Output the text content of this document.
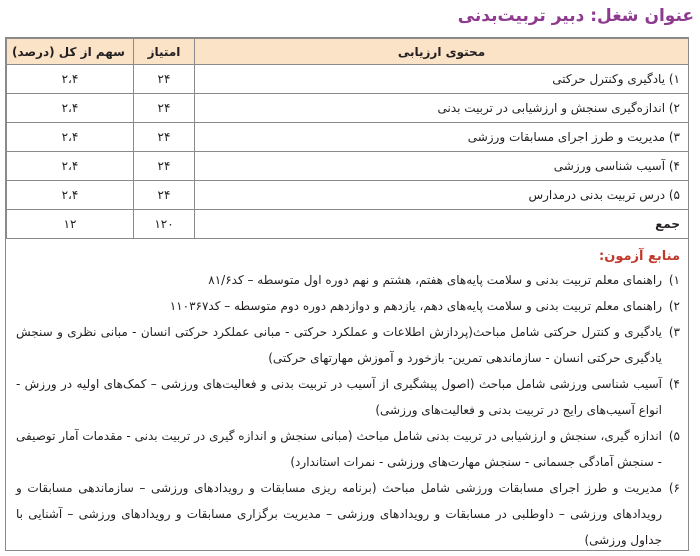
عنوان شغل: دبیر تربیت‌بدنی
محتوی ارزیابی	امتیاز	سهم از کل (درصد)
۱) یادگیری وکنترل حرکتی	۲۴	۲،۴
۲) اندازه‌گیری سنجش و ارزشیابی در تربیت بدنی	۲۴	۲،۴
۳) مدیریت و طرز اجرای مسابقات ورزشی	۲۴	۲،۴
۴) آسیب شناسی ورزشی	۲۴	۲،۴
۵) درس تربیت بدنی درمدارس	۲۴	۲،۴
جمع	۱۲۰	۱۲
منابع آزمون:
۱)
راهنمای معلم تربیت بدنی و سلامت پایه‌های هفتم، هشتم و نهم دوره اول متوسطه – کد۸۱/۶
۲)
راهنمای معلم تربیت بدنی و سلامت پایه‌های دهم، یازدهم و دوازدهم دوره دوم متوسطه – کد۱۱۰۳۶۷
۳)
یادگیری و کنترل حرکتی شامل مباحث(پردازش اطلاعات و عملکرد حرکتی - مبانی عملکرد حرکتی انسان - مبانی نظری و سنجش یادگیری حرکتی انسان - سازماندهی تمرین- بازخورد و آموزش مهارتهای حرکتی)
۴)
آسیب شناسی ورزشی شامل مباحث (اصول پیشگیری از آسیب در تربیت بدنی و فعالیت‌های ورزشی – کمک‌های اولیه در ورزش - انواع آسیب‌های رایج در تربیت بدنی و فعالیت‌های ورزشی)
۵)
اندازه گیری، سنجش و ارزشیابی در تربیت بدنی شامل مباحث (مبانی سنجش و اندازه گیری در تربیت بدنی - مقدمات آمار توصیفی - سنجش آمادگی جسمانی - سنجش مهارت‌های ورزشی - نمرات استاندارد)
۶)
مدیریت و طرز اجرای مسابقات ورزشی شامل مباحث (برنامه ریزی مسابقات و رویدادهای ورزشی – سازماندهی مسابقات و رویدادهای ورزشی – داوطلبی در مسابقات و رویدادهای ورزشی – مدیریت برگزاری مسابقات و رویدادهای ورزشی – آشنایی با جداول ورزشی)
